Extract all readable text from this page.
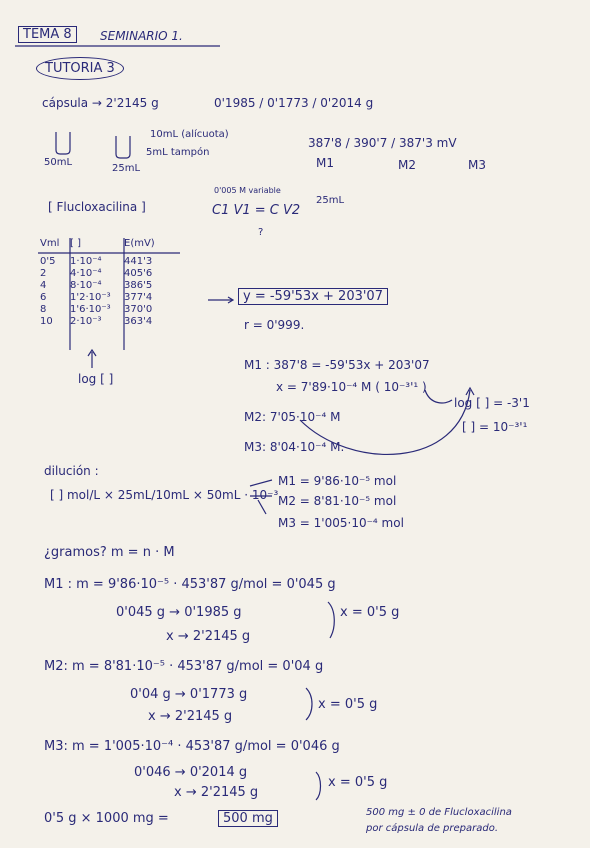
TEMA 8	SEMINARIO 1.
TUTORIA 3
cápsula → 2'2145 g	0'1985 / 0'1773 / 0'2014 g
50mL
10mL (alícuota)
5mL tampón
25mL
387'8 / 390'7 / 387'3 mV
M1	M2	M3
[ Flucloxacilina ]
0'005 M variable
25mL
C1 V1 = C V2
?
Vml	[ ]	E(mV)
0'5	1·10⁻⁴	441'3
2	4·10⁻⁴	405'6
4	8·10⁻⁴	386'5
6	1'2·10⁻³	377'4
8	1'6·10⁻³	370'0
10	2·10⁻³	363'4
log [ ]
y = -59'53x + 203'07
r = 0'999.
M1 : 387'8 = -59'53x + 203'07
x = 7'89·10⁻⁴ M ( 10⁻³'¹ )
log [ ] = -3'1
[ ] = 10⁻³'¹
M2: 7'05·10⁻⁴ M
M3: 8'04·10⁻⁴ M.
dilución :
[ ] mol/L × 25mL/10mL × 50mL · 10⁻³
M1 = 9'86·10⁻⁵ mol
M2 = 8'81·10⁻⁵ mol
M3 = 1'005·10⁻⁴ mol
¿gramos? m = n · M
M1 : m = 9'86·10⁻⁵ · 453'87 g/mol = 0'045 g
0'045 g → 0'1985 g
x → 2'2145 g
x = 0'5 g
M2: m = 8'81·10⁻⁵ · 453'87 g/mol = 0'04 g
0'04 g → 0'1773 g
x → 2'2145 g
x = 0'5 g
M3: m = 1'005·10⁻⁴ · 453'87 g/mol = 0'046 g
0'046 → 0'2014 g
x → 2'2145 g
x = 0'5 g
0'5 g × 1000 mg =	500 mg	500 mg ± 0 de Flucloxacilina
por cápsula de preparado.
